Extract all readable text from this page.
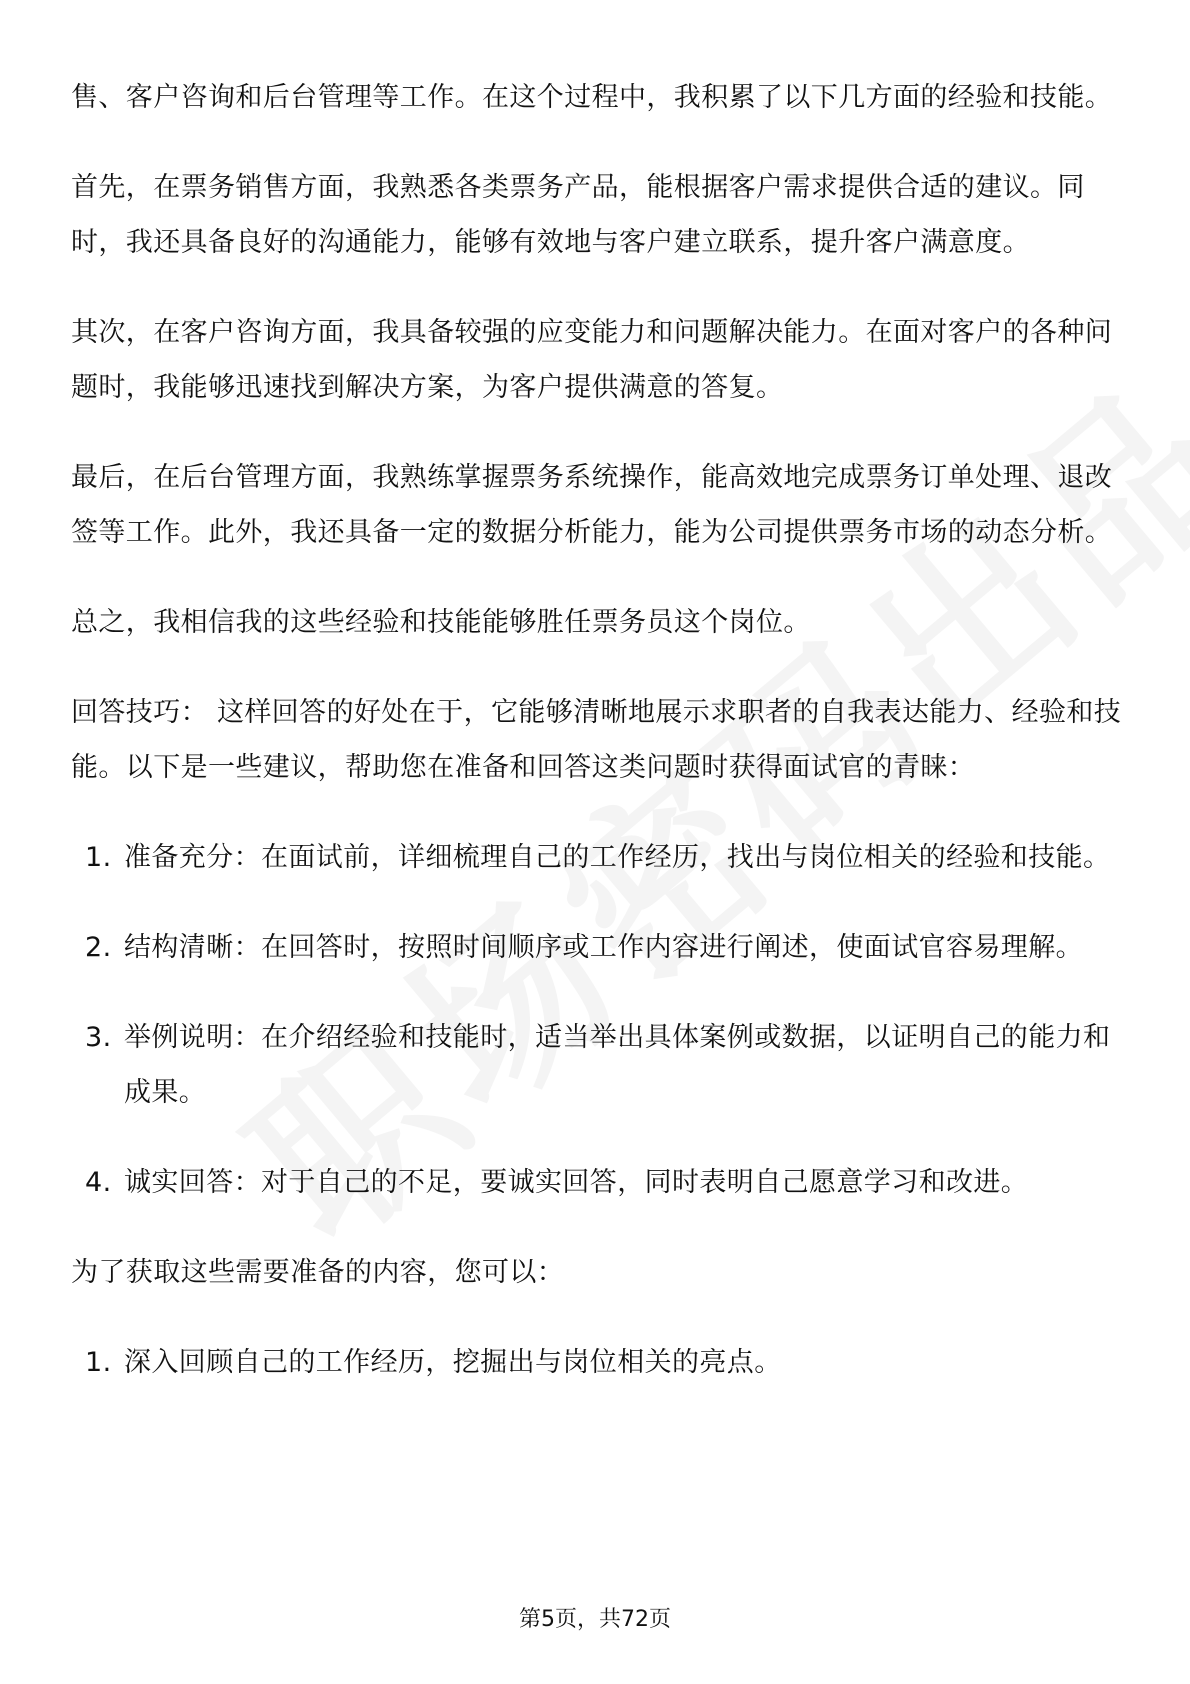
售、客户咨询和后台管理等工作。在这个过程中，我积累了以下几方面的经验和技能。

首先，在票务销售方面，我熟悉各类票务产品，能根据客户需求提供合适的建议。同时，我还具备良好的沟通能力，能够有效地与客户建立联系，提升客户满意度。

其次，在客户咨询方面，我具备较强的应变能力和问题解决能力。在面对客户的各种问题时，我能够迅速找到解决方案，为客户提供满意的答复。

最后，在后台管理方面，我熟练掌握票务系统操作，能高效地完成票务订单处理、退改签等工作。此外，我还具备一定的数据分析能力，能为公司提供票务市场的动态分析。

总之，我相信我的这些经验和技能能够胜任票务员这个岗位。

回答技巧： 这样回答的好处在于，它能够清晰地展示求职者的自我表达能力、经验和技能。以下是一些建议，帮助您在准备和回答这类问题时获得面试官的青睐：

1. 准备充分：在面试前，详细梳理自己的工作经历，找出与岗位相关的经验和技能。
2. 结构清晰：在回答时，按照时间顺序或工作内容进行阐述，使面试官容易理解。
3. 举例说明：在介绍经验和技能时，适当举出具体案例或数据，以证明自己的能力和成果。
4. 诚实回答：对于自己的不足，要诚实回答，同时表明自己愿意学习和改进。

为了获取这些需要准备的内容，您可以：

1. 深入回顾自己的工作经历，挖掘出与岗位相关的亮点。
第5页，共72页
